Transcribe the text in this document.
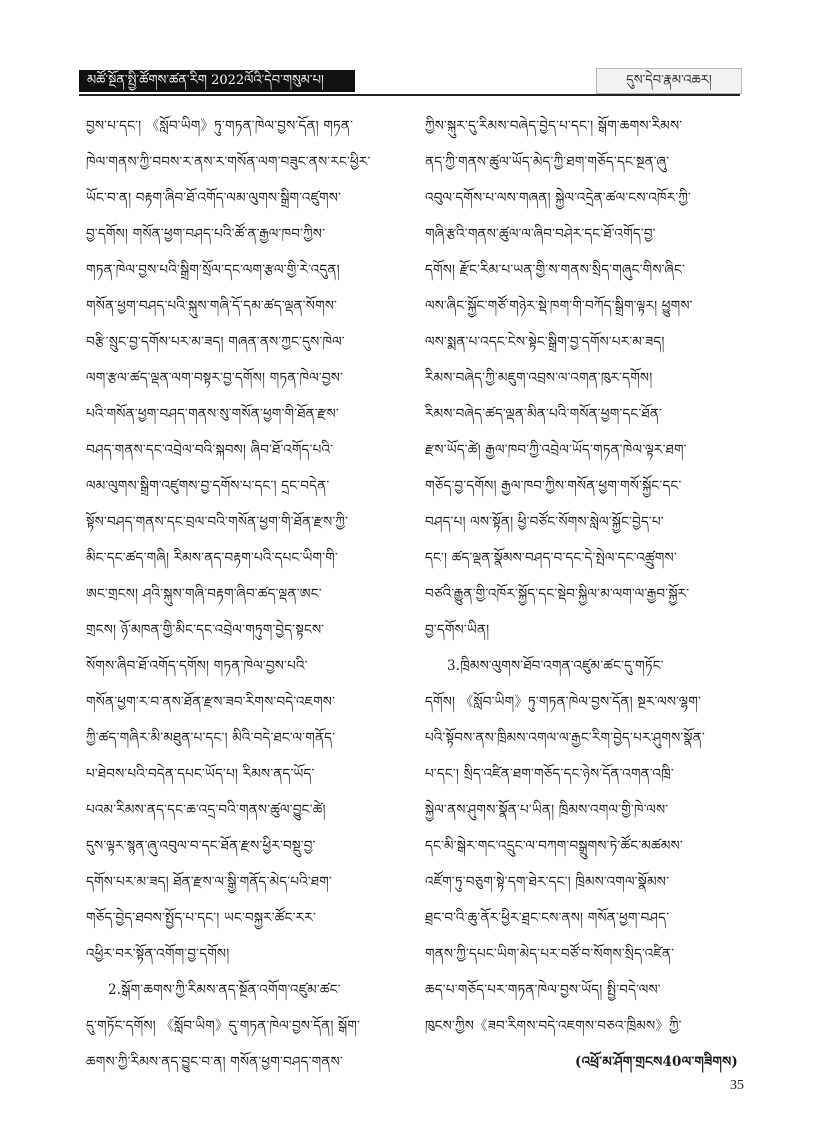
མཚོ་སྔོན་སྤྱི་ཚོགས་ཚན་རིག 2022ལོའི་དེབ་གསུམ་པ།	དུས་དེབ་རྣམ་འཆར།
བྱས་པ་དང་། 《སློབ་ཡིག》ཏུ་གཏན་ཁེལ་བྱས་དོན། གཏན་
ཁེལ་གནས་ཀྱི་བབས་ར་ནས་ར་གསོན་ལག་བཟུང་ནས་རང་ཕྱིར་
ཡོང་བ་ན། བརྟག་ཞིབ་ཐོ་འགོད་ལམ་ལུགས་སྒྲིག་འཛུགས་
བྱ་དགོས། གསོན་ཕྱག་བཤད་པའི་ཚོ་ན་རྒྱལ་ཁབ་ཀྱིས་
གཏན་ཁེལ་བྱས་པའི་སྒྲིག་སྲོལ་དང་ལག་རྩལ་གྱི་རེ་འདུན།
གསོན་ཕྱག་བཤད་པའི་སྐུས་གཞི་དོ་དམ་ཚད་ལྡན་སོགས་
བརྩི་སྲུང་བྱ་དགོས་པར་མ་ཟད། གཞན་ནས་ཀྱང་དུས་ཁེལ་
ལག་རྩལ་ཚད་ལྡན་ལག་བསྟར་བྱ་དགོས། གཏན་ཁེལ་བྱས་
པའི་གསོན་ཕྱག་བཤད་གནས་སུ་གསོན་ཕྱག་གི་ཐོན་རྫས་
བཤད་གནས་དང་འབྲེལ་བའི་སྐབས། ཞིབ་ཐོ་འགོད་པའི་
ལམ་ལུགས་སྒྲིག་འཛུགས་བྱ་དགོས་པ་དང་། དྲང་བདེན་
སྟོས་བཤད་གནས་དང་བྲལ་བའི་གསོན་ཕྱག་གི་ཐོན་རྫས་ཀྱི་
མིང་དང་ཚད་གཞི། རིམས་ནད་བརྟག་པའི་དཔང་ཡིག་གི་
ཨང་གྲངས། ཤའི་སྐུས་གཞི་བརྟག་ཞིབ་ཚད་ལྡན་ཨང་
གྲངས། ཉོ་མཁན་གྱི་མིང་དང་འབྲེལ་གཏུག་བྱེད་སྟངས་
སོགས་ཞིབ་ཐོ་འགོད་དགོས། གཏན་ཁེལ་བྱས་པའི་
གསོན་ཕྱག་ར་བ་ནས་ཐོན་རྫས་ཟབ་རིགས་བདེ་འཇགས་
ཀྱི་ཚད་གཞིར་མི་མཐུན་པ་དང་། མིའི་བདེ་ཐང་ལ་གནོད་
པ་ཐེབས་པའི་བདེན་དཔང་ཡོད་པ། རིམས་ནད་ཡོད་
པའམ་རིམས་ནད་དང་ཆ་འདྲ་བའི་གནས་ཚུལ་བྱུང་ཚེ།
དུས་ལྟར་སྙན་ཞུ་འབུལ་བ་དང་ཐོན་རྫས་ཕྱིར་བསྡུ་བྱ་
དགོས་པར་མ་ཟད། ཐོན་རྫས་ལ་སྒྱི་གནོད་མེད་པའི་ཐག་
གཅོད་བྱེད་ཐབས་སྤྱོད་པ་དང་། ཡང་བསྐྱར་ཚོང་རར་
འཕྱིར་བར་སྟོན་འགོག་བྱ་དགོས།
2.སྒོག་ཆགས་ཀྱི་རིམས་ནད་སྔོན་འགོག་འཛུམ་ཚང་
དུ་གཏོང་དགོས། 《སློབ་ཡིག》དུ་གཏན་ཁེལ་བྱས་དོན། སྒོག་
ཆགས་ཀྱི་རིམས་ནད་བྱུང་བ་ན། གསོན་ཕྱག་བཤད་གནས་
ཀྱིས་སྐུར་དུ་རིམས་བཞེད་བྱེད་པ་དང་། སྒོག་ཆགས་རིམས་
ནད་ཀྱི་གནས་ཚུལ་ཡོད་མེད་ཀྱི་ཐག་གཅོད་དང་སྔན་ཞུ་
འབུལ་དགོས་པ་ལས་གཞན། སྐྱེལ་འདྲེན་ཚལ་ངས་འཁོར་ཀྱི་
གཞི་རྩའི་གནས་ཚུལ་ལ་ཞིབ་བཤེར་དང་ཐོ་འགོད་བྱ་
དགོས། རྫོང་རིམ་པ་ཡན་གྱི་ས་གནས་སྲིད་གཞུང་གིས་ཞིང་
ལས་ཞིང་སྐྱོང་གཙོ་གཉེར་སྡེ་ཁག་གི་བཀོད་སྒྲིག་ལྟར། ཕྱུགས་
ལས་སྨན་པ་འདང་ངེས་སྟེང་སྒྲིག་བྱ་དགོས་པར་མ་ཟད།
རིམས་བཞེད་ཀྱི་མཇུག་འབྲས་ལ་འགན་ཁུར་དགོས།
རིམས་བཞེད་ཚད་ལྡན་མིན་པའི་གསོན་ཕྱག་དང་ཐོན་
རྫས་ཡོད་ཚེ། རྒྱལ་ཁབ་ཀྱི་འབྲེལ་ཡོད་གཏན་ཁེལ་ལྟར་ཐག་
གཅོད་བྱ་དགོས། རྒྱལ་ཁབ་ཀྱིས་གསོན་ཕྱག་གསོ་སྐྱོང་དང་
བཤད་པ། ལས་སྟོན། ཕྱི་བཙོང་སོགས་སླེལ་སྐྱོང་བྱེད་པ་
དང་། ཚད་ལྡན་སྣོམས་བཤད་བ་དང་དེ་སྤེལ་དང་འཚྲུགས་
བཙའི་རྒྱུན་གྱི་འཁོར་སྐྱོད་དང་སྡེབ་སྐྱིལ་མ་ལག་ལ་རྒྱབ་སྐྱོར་
བྱ་དགོས་ཡིན།
3.ཁྲིམས་ལུགས་ཐོབ་འགན་འཛུམ་ཚང་དུ་གཏོང་
དགོས། 《སློབ་ཡིག》ཏུ་གཏན་ཁེལ་བྱས་དོན། སྔར་ལས་ལྷག་
པའི་སྟོབས་ནས་ཁྲིམས་འགལ་ལ་རྒྱང་རིག་བྱེད་པར་ཤུགས་སྣོན་
པ་དང་། སྲིད་འཛིན་ཐག་གཅོད་དང་ཉེས་དོན་འགན་འཁྲི་
སྐྱེལ་ནས་ཤུགས་སྣོན་པ་ཡིན། ཁྲིམས་འགལ་གྱི་ཁེ་ལས་
དང་མི་སྒེར་གང་འདྲུང་ལ་བཀག་བསྒྲུགས་ཏེ་ཚོང་མཚམས་
འཛོག་ཏུ་བཅུག་སྟེ་དག་ཐེར་དང་། ཁྲིམས་འགལ་སྣོམས་
ཐྲང་བ་འི་ཆུ་ནོར་ཕྱིར་ཐྲང་ངས་ནས། གསོན་ཕྱག་བཤད་
གནས་ཀྱི་དཔང་ཡིག་མེད་པར་བཙོ་བ་སོགས་སྲིད་འཛིན་
ཆད་པ་གཅོད་པར་གཏན་ཁེལ་བྱས་ཡོད། སྤྱི་བདེ་ལས་
ཁུངས་ཀྱིས《ཟབ་རིགས་བདེ་འཇགས་བཅའ་ཁྲིམས》ཀྱི་
(འཕྲོ་མ་ཤོག་གྲངས40ལ་གཟིགས)
35
